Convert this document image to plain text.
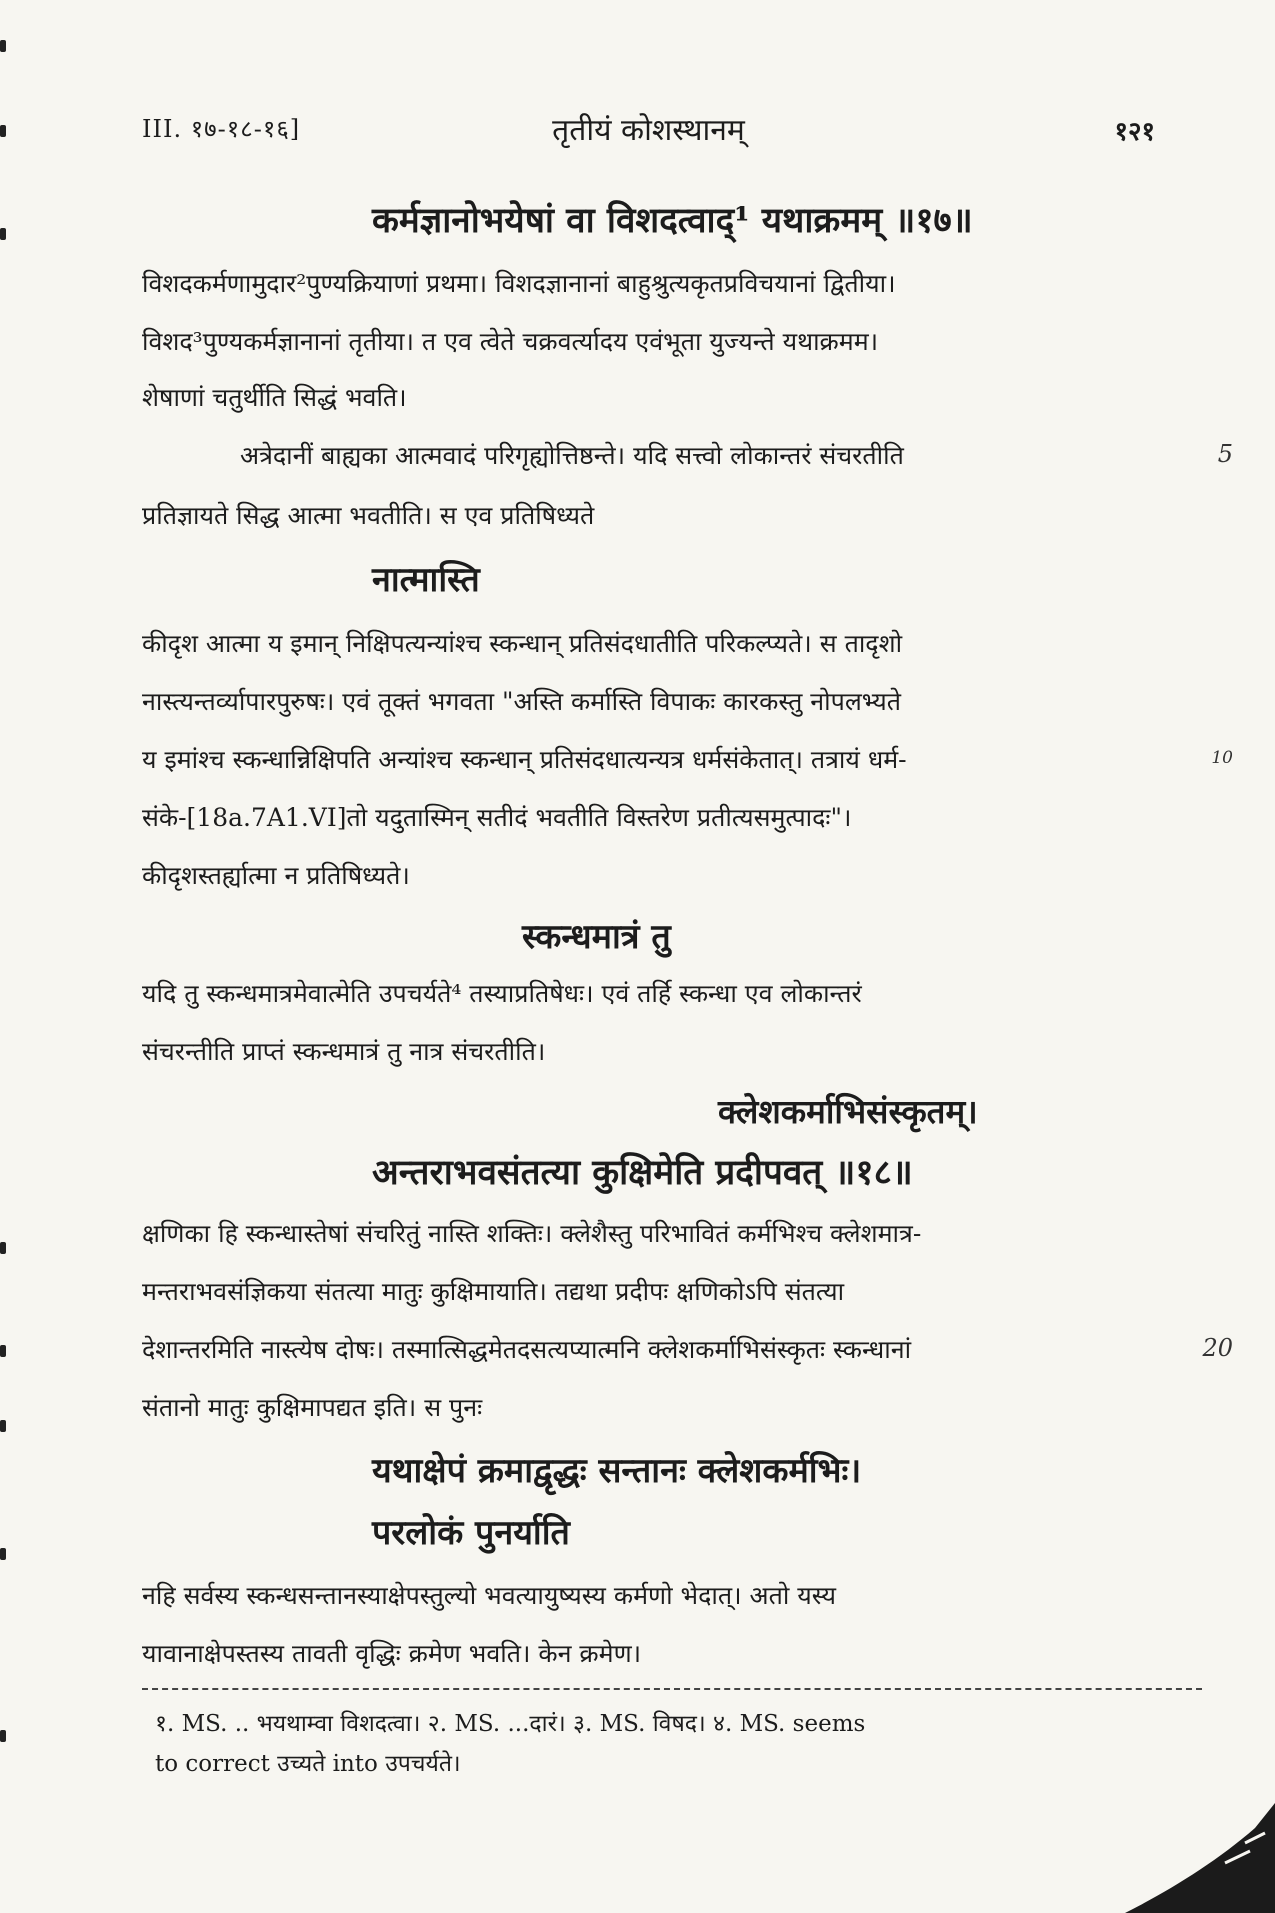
III. १७-१८-१६]	तृतीयं कोशस्थानम्	१२१
कर्मज्ञानोभयेषां वा विशदत्वाद्¹ यथाक्रमम् ॥१७॥
विशदकर्मणामुदार²पुण्यक्रियाणां प्रथमा। विशदज्ञानानां बाहुश्रुत्यकृतप्रविचयानां द्वितीया।
विशद³पुण्यकर्मज्ञानानां तृतीया। त एव त्वेते चक्रवर्त्यादय एवंभूता युज्यन्ते यथाक्रमम।
शेषाणां चतुर्थीति सिद्धं भवति।
अत्रेदानीं बाह्यका आत्मवादं परिगृह्योत्तिष्ठन्ते। यदि सत्त्वो लोकान्तरं संचरतीति	5
प्रतिज्ञायते सिद्ध आत्मा भवतीति। स एव प्रतिषिध्यते
नात्मास्ति
कीदृश आत्मा य इमान् निक्षिपत्यन्यांश्च स्कन्धान् प्रतिसंदधातीति परिकल्प्यते। स तादृशो
नास्त्यन्तर्व्यापारपुरुषः। एवं तूक्तं भगवता "अस्ति कर्मास्ति विपाकः कारकस्तु नोपलभ्यते
य इमांश्च स्कन्धान्निक्षिपति अन्यांश्च स्कन्धान् प्रतिसंदधात्यन्यत्र धर्मसंकेतात्। तत्रायं धर्म-	10
संके-[18a.7A1.VI]तो यदुतास्मिन् सतीदं भवतीति विस्तरेण प्रतीत्यसमुत्पादः"।
कीदृशस्तर्ह्यात्मा न प्रतिषिध्यते।
स्कन्धमात्रं तु
यदि तु स्कन्धमात्रमेवात्मेति उपचर्यते⁴ तस्याप्रतिषेधः। एवं तर्हि स्कन्धा एव लोकान्तरं
संचरन्तीति प्राप्तं स्कन्धमात्रं तु नात्र संचरतीति।
क्लेशकर्माभिसंस्कृतम्।
अन्तराभवसंतत्या कुक्षिमेति प्रदीपवत् ॥१८॥
क्षणिका हि स्कन्धास्तेषां संचरितुं नास्ति शक्तिः। क्लेशैस्तु परिभावितं कर्मभिश्च क्लेशमात्र-
मन्तराभवसंज्ञिकया संतत्या मातुः कुक्षिमायाति। तद्यथा प्रदीपः क्षणिकोऽपि संतत्या
देशान्तरमिति नास्त्येष दोषः। तस्मात्सिद्धमेतदसत्यप्यात्मनि क्लेशकर्माभिसंस्कृतः स्कन्धानां	20
संतानो मातुः कुक्षिमापद्यत इति। स पुनः
यथाक्षेपं क्रमाद्वृद्धः सन्तानः क्लेशकर्मभिः।
परलोकं पुनर्याति
नहि सर्वस्य स्कन्धसन्तानस्याक्षेपस्तुल्यो भवत्यायुष्यस्य कर्मणो भेदात्। अतो यस्य
यावानाक्षेपस्तस्य तावती वृद्धिः क्रमेण भवति। केन क्रमेण।
१. MS. .. भयथाम्वा विशदत्वा। २. MS. ...दारं। ३. MS. विषद। ४. MS. seems
to correct उच्यते into उपचर्यते।
